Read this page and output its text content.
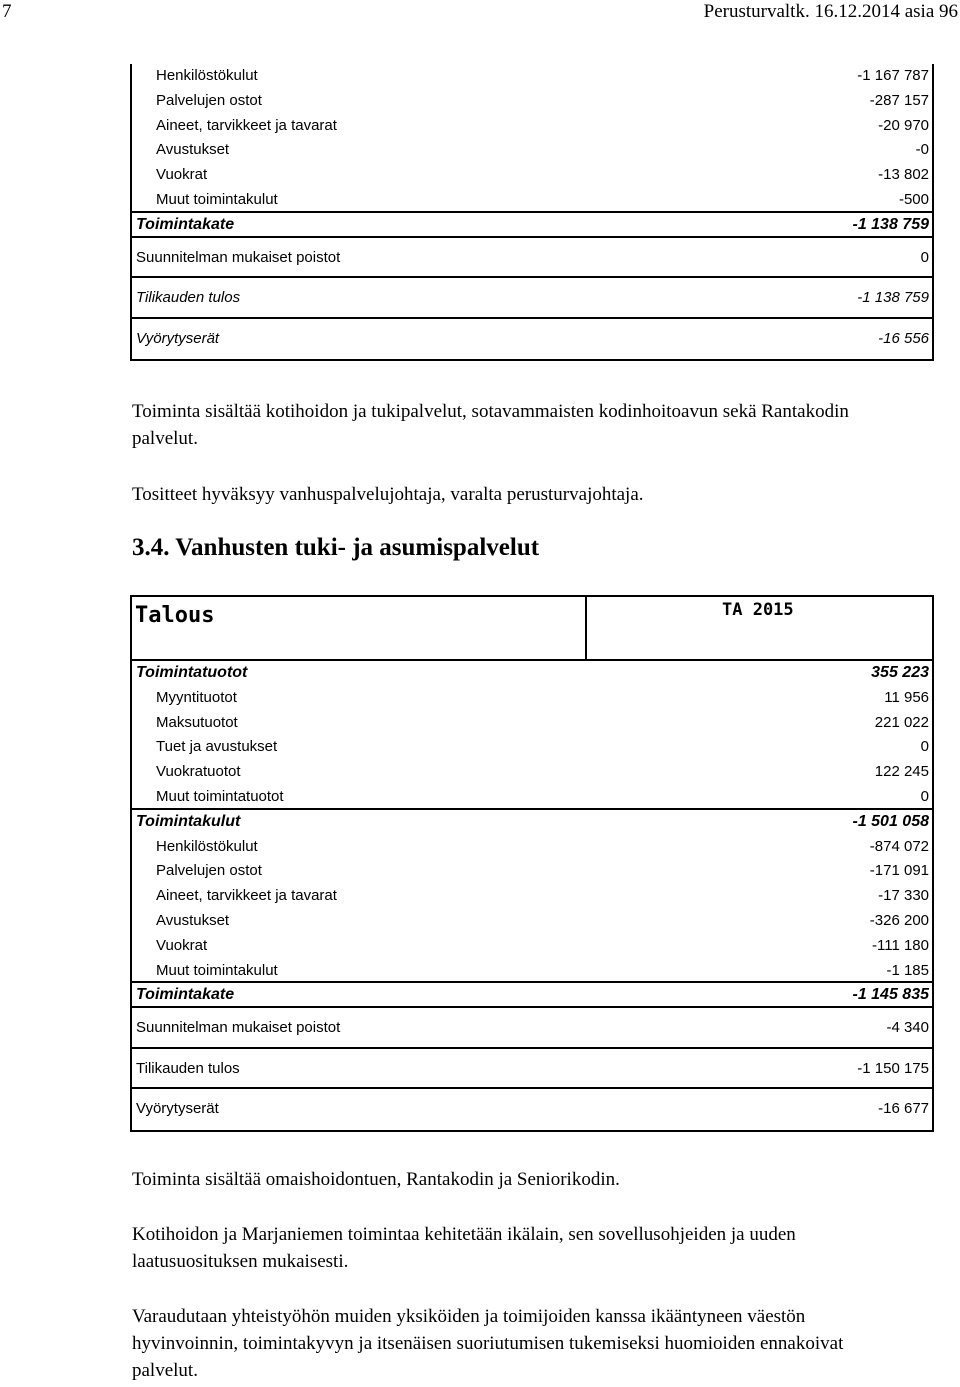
7	Perusturvaltk. 16.12.2014 asia 96
Henkilöstökulut	-1 167 787
Palvelujen ostot	-287 157
Aineet, tarvikkeet ja tavarat	-20 970
Avustukset	-0
Vuokrat	-13 802
Muut toimintakulut	-500
Toimintakate	-1 138 759
Suunnitelman mukaiset poistot	0
Tilikauden tulos	-1 138 759
Vyörytyserät	-16 556
Toiminta sisältää kotihoidon ja tukipalvelut, sotavammaisten kodinhoitoavun sekä Rantakodin palvelut.
Tositteet hyväksyy vanhuspalvelujohtaja, varalta perusturvajohtaja.
3.4. Vanhusten tuki- ja asumispalvelut
Talous	TA 2015
Toimintatuotot	355 223
Myyntituotot	11 956
Maksutuotot	221 022
Tuet ja avustukset	0
Vuokratuotot	122 245
Muut toimintatuotot	0
Toimintakulut	-1 501 058
Henkilöstökulut	-874 072
Palvelujen ostot	-171 091
Aineet, tarvikkeet ja tavarat	-17 330
Avustukset	-326 200
Vuokrat	-111 180
Muut toimintakulut	-1 185
Toimintakate	-1 145 835
Suunnitelman mukaiset poistot	-4 340
Tilikauden tulos	-1 150 175
Vyörytyserät	-16 677
Toiminta sisältää omaishoidontuen, Rantakodin ja Seniorikodin.
Kotihoidon ja Marjaniemen toimintaa kehitetään ikälain, sen sovellusohjeiden ja uuden laatusuosituksen mukaisesti.
Varaudutaan yhteistyöhön muiden yksiköiden ja toimijoiden kanssa ikääntyneen väestön hyvinvoinnin, toimintakyvyn ja itsenäisen suoriutumisen tukemiseksi huomioiden ennakoivat palvelut.
